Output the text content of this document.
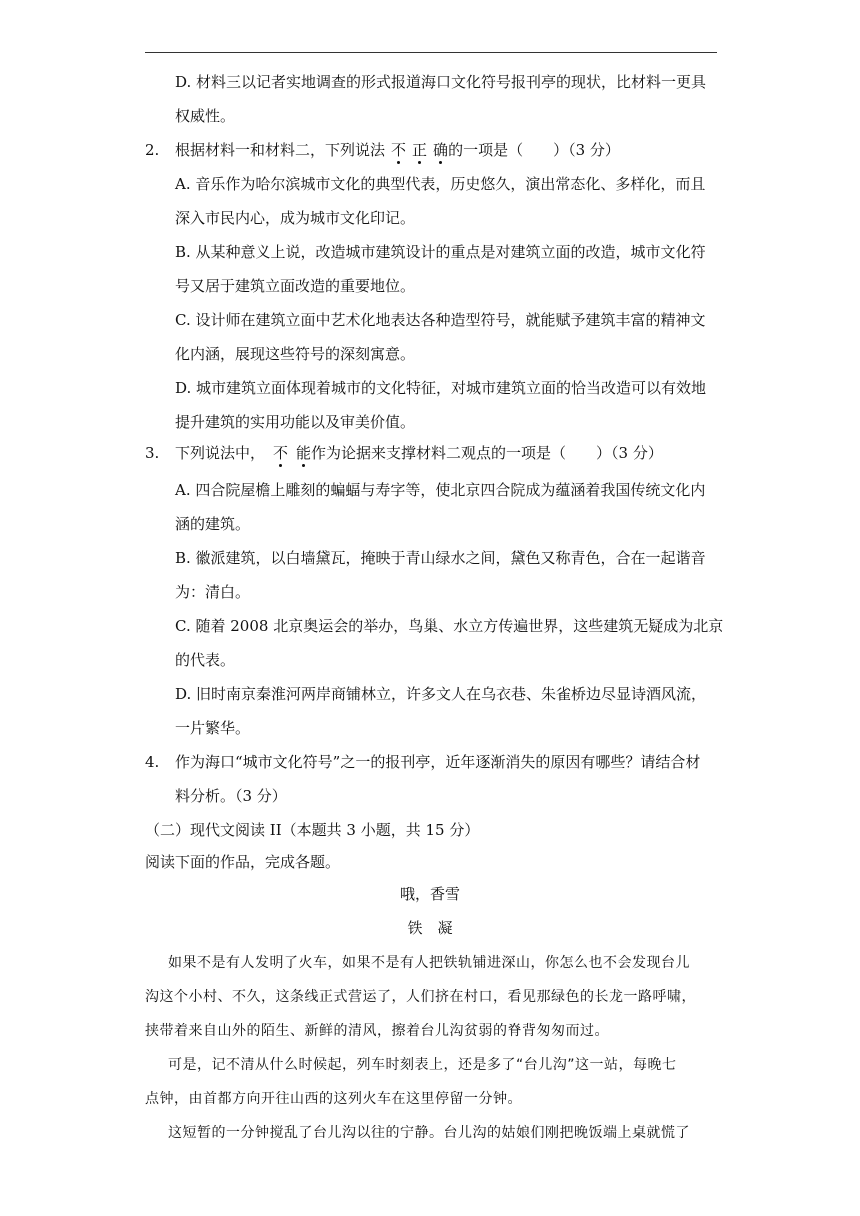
D. 材料三以记者实地调查的形式报道海口文化符号报刊亭的现状，比材料一更具
权威性。
2. 根据材料一和材料二，下列说法 不 正 确的一项是（　　）（3 分）
A. 音乐作为哈尔滨城市文化的典型代表，历史悠久，演出常态化、多样化，而且
深入市民内心，成为城市文化印记。
B. 从某种意义上说，改造城市建筑设计的重点是对建筑立面的改造，城市文化符
号又居于建筑立面改造的重要地位。
C. 设计师在建筑立面中艺术化地表达各种造型符号，就能赋予建筑丰富的精神文
化内涵，展现这些符号的深刻寓意。
D. 城市建筑立面体现着城市的文化特征，对城市建筑立面的恰当改造可以有效地
提升建筑的实用功能以及审美价值。
3. 下列说法中， 不 能作为论据来支撑材料二观点的一项是（　　）（3 分）
A. 四合院屋檐上雕刻的蝙蝠与寿字等，使北京四合院成为蕴涵着我国传统文化内
涵的建筑。
B. 徽派建筑，以白墙黛瓦，掩映于青山绿水之间，黛色又称青色，合在一起谐音
为：清白。
C. 随着 2008 北京奥运会的举办，鸟巢、水立方传遍世界，这些建筑无疑成为北京
的代表。
D. 旧时南京秦淮河两岸商铺林立，许多文人在乌衣巷、朱雀桥边尽显诗酒风流，
一片繁华。
4. 作为海口“城市文化符号”之一的报刊亭，近年逐渐消失的原因有哪些？请结合材
料分析。（3 分）
（二）现代文阅读 II（本题共 3 小题，共 15 分）
阅读下面的作品，完成各题。
哦，香雪
铁　凝
如果不是有人发明了火车，如果不是有人把铁轨铺进深山，你怎么也不会发现台儿
沟这个小村、不久，这条线正式营运了，人们挤在村口，看见那绿色的长龙一路呼啸，
挟带着来自山外的陌生、新鲜的清风，擦着台儿沟贫弱的脊背匆匆而过。
可是，记不清从什么时候起，列车时刻表上，还是多了“台儿沟”这一站，每晚七
点钟，由首都方向开往山西的这列火车在这里停留一分钟。
这短暂的一分钟搅乱了台儿沟以往的宁静。台儿沟的姑娘们刚把晚饭端上桌就慌了
